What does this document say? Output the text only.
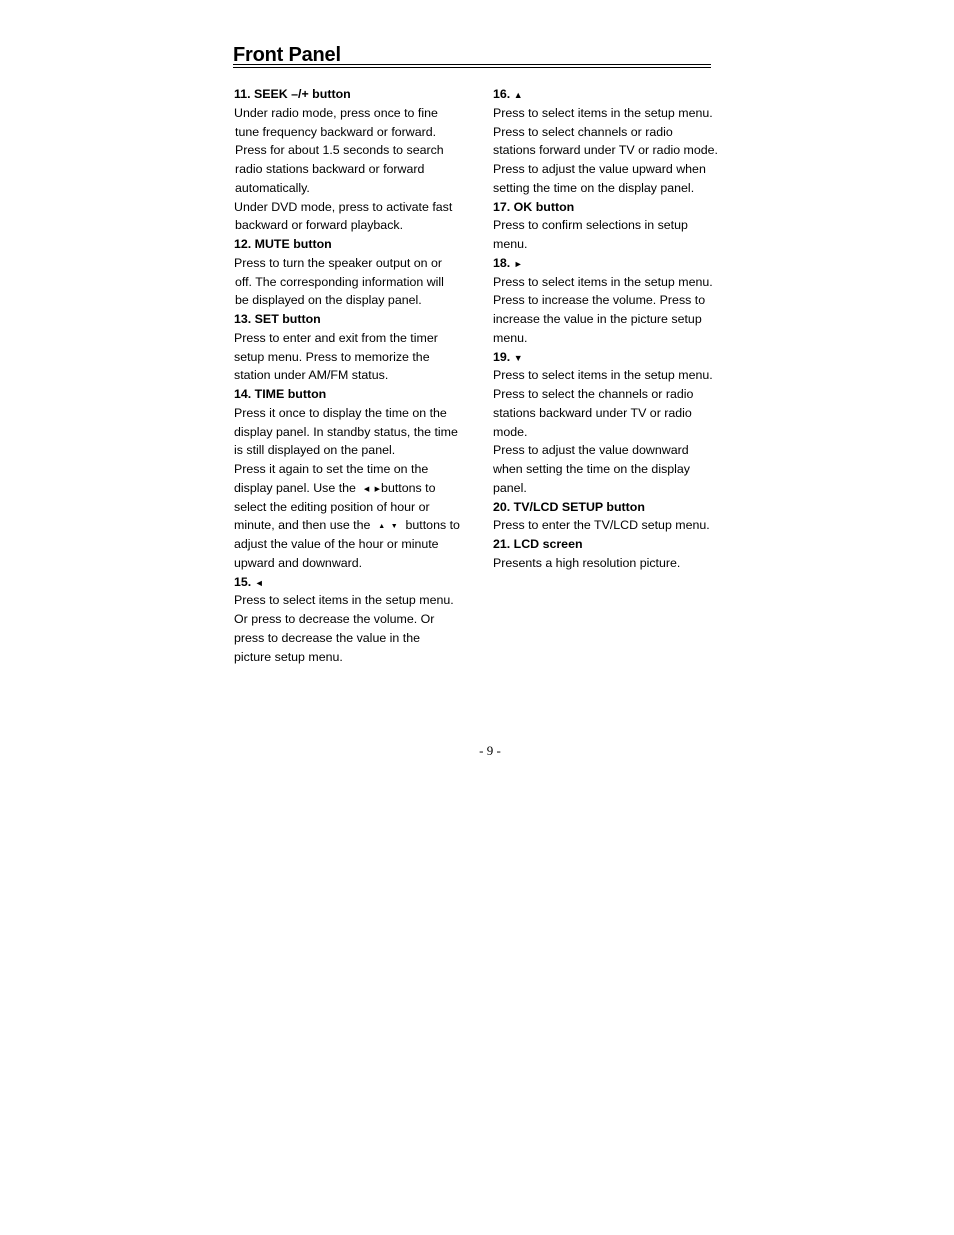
Front Panel
11. SEEK –/+ button
Under radio mode, press once to fine
tune frequency backward or forward.
Press for about 1.5 seconds to search
radio stations backward or forward
automatically.
Under DVD mode, press to activate fast
backward or forward playback.
12. MUTE button
Press to turn the speaker output on or
off. The corresponding information will
be displayed on the display panel.
13. SET button
Press to enter and exit from the timer
setup menu. Press to memorize the
station under AM/FM status.
14. TIME button
Press it once to display the time on the
display panel. In standby status, the time
is still displayed on the panel.
Press it again to set the time on the
display panel. Use the ◀ ▶buttons to
select the editing position of hour or
minute, and then use the ▲ ▼ buttons to
adjust the value of the hour or minute
upward and downward.
15. ◄
Press to select items in the setup menu.
Or press to decrease the volume. Or
press to decrease the value in the
picture setup menu.
16. ▲
Press to select items in the setup menu.
Press to select channels or radio
stations forward under TV or radio mode.
Press to adjust the value upward when
setting the time on the display panel.
17. OK button
Press to confirm selections in setup
menu.
18. ►
Press to select items in the setup menu.
Press to increase the volume. Press to
increase the value in the picture setup
menu.
19. ▼
Press to select items in the setup menu.
Press to select the channels or radio
stations backward under TV or radio
mode.
Press to adjust the value downward
when setting the time on the display
panel.
20. TV/LCD SETUP button
Press to enter the TV/LCD setup menu.
21. LCD screen
Presents a high resolution picture.
- 9 -
